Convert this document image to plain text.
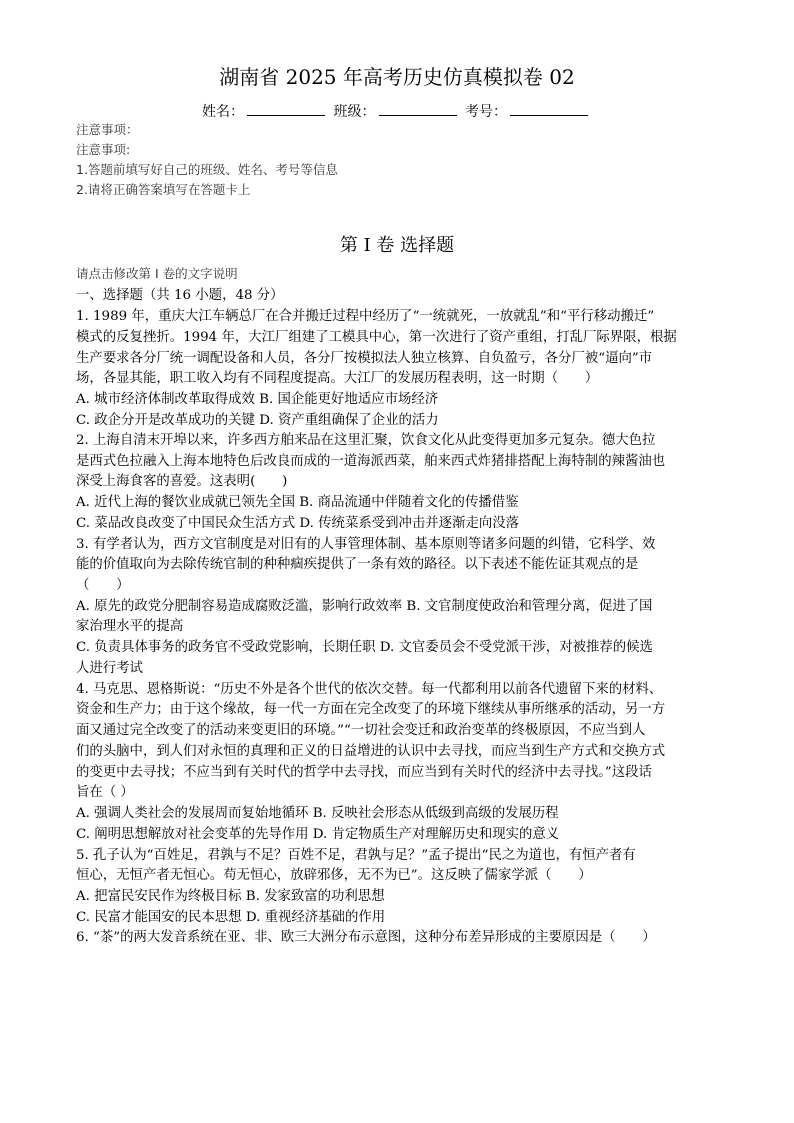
湖南省 2025 年高考历史仿真模拟卷 02
姓名：	班级：	考号：
注意事项：
注意事项:
1.答题前填写好自己的班级、姓名、考号等信息
2.请将正确答案填写在答题卡上
第 I 卷 选择题
请点击修改第 I 卷的文字说明
一、选择题（共 16 小题，48 分）
1. 1989 年，重庆大江车辆总厂在合并搬迁过程中经历了“一统就死，一放就乱”和“平行移动搬迁”
模式的反复挫折。1994 年，大江厂组建了工模具中心，第一次进行了资产重组，打乱厂际界限，根据
生产要求各分厂统一调配设备和人员，各分厂按模拟法人独立核算、自负盈亏，各分厂被“逼向”市
场，各显其能，职工收入均有不同程度提高。大江厂的发展历程表明，这一时期（　　）
A. 城市经济体制改革取得成效 B. 国企能更好地适应市场经济
C. 政企分开是改革成功的关键 D. 资产重组确保了企业的活力
2. 上海自清末开埠以来，许多西方舶来品在这里汇聚，饮食文化从此变得更加多元复杂。德大色拉
是西式色拉融入上海本地特色后改良而成的一道海派西菜，舶来西式炸猪排搭配上海特制的辣酱油也
深受上海食客的喜爱。这表明(　　)
A. 近代上海的餐饮业成就已领先全国 B. 商品流通中伴随着文化的传播借鉴
C. 菜品改良改变了中国民众生活方式 D. 传统菜系受到冲击并逐渐走向没落
3. 有学者认为，西方文官制度是对旧有的人事管理体制、基本原则等诸多问题的纠错，它科学、效
能的价值取向为去除传统官制的种种痼疾提供了一条有效的路径。以下表述不能佐证其观点的是
（　　）
A. 原先的政党分肥制容易造成腐败泛滥，影响行政效率 B. 文官制度使政治和管理分离，促进了国
家治理水平的提高
C. 负责具体事务的政务官不受政党影响，长期任职 D. 文官委员会不受党派干涉，对被推荐的候选
人进行考试
4. 马克思、恩格斯说：“历史不外是各个世代的依次交替。每一代都利用以前各代遗留下来的材料、
资金和生产力；由于这个缘故，每一代一方面在完全改变了的环境下继续从事所继承的活动，另一方
面又通过完全改变了的活动来变更旧的环境。”“一切社会变迁和政治变革的终极原因，不应当到人
们的头脑中，到人们对永恒的真理和正义的日益增进的认识中去寻找，而应当到生产方式和交换方式
的变更中去寻找；不应当到有关时代的哲学中去寻找，而应当到有关时代的经济中去寻找。”这段话
旨在（ ）
A. 强调人类社会的发展周而复始地循环 B. 反映社会形态从低级到高级的发展历程
C. 阐明思想解放对社会变革的先导作用 D. 肯定物质生产对理解历史和现实的意义
5. 孔子认为“百姓足，君孰与不足？百姓不足，君孰与足？”孟子提出“民之为道也，有恒产者有
恒心，无恒产者无恒心。苟无恒心，放辟邪侈，无不为已”。这反映了儒家学派（　　）
A. 把富民安民作为终极目标 B. 发家致富的功利思想
C. 民富才能国安的民本思想 D. 重视经济基础的作用
6. “茶”的两大发音系统在亚、非、欧三大洲分布示意图，这种分布差异形成的主要原因是（　　）
